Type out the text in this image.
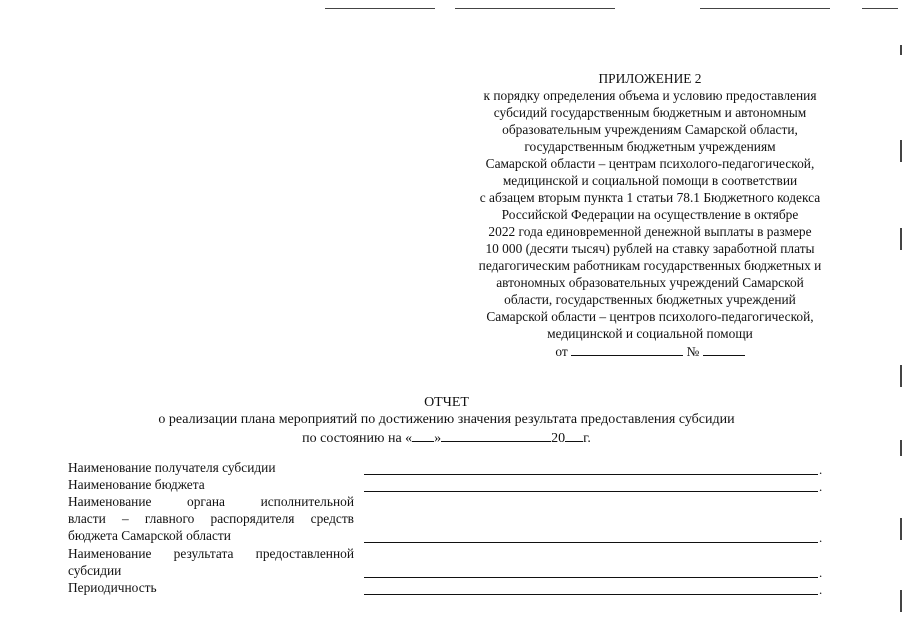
ПРИЛОЖЕНИЕ 2
к порядку определения объема и условию предоставления
субсидий государственным бюджетным и автономным
образовательным учреждениям Самарской области,
государственным бюджетным учреждениям
Самарской области – центрам психолого-педагогической,
медицинской и социальной помощи в соответствии
с абзацем вторым пункта 1 статьи 78.1 Бюджетного кодекса
Российской Федерации на осуществление в октябре
2022 года единовременной денежной выплаты в размере
10 000 (десяти тысяч) рублей на ставку заработной платы
педагогическим работникам государственных бюджетных и
автономных образовательных учреждений Самарской
области, государственных бюджетных учреждений
Самарской области – центров психолого-педагогической,
медицинской и социальной помощи
от	№
ОТЧЕТ
о реализации плана мероприятий по достижению значения результата предоставления субсидии
по состоянию на « »	20 г.
Наименование получателя субсидии	.
Наименование бюджета	.
Наименование органа исполнительной
власти – главного распорядителя средств
бюджета Самарской области	.
Наименование результата предоставленной
субсидии	.
Периодичность	.
